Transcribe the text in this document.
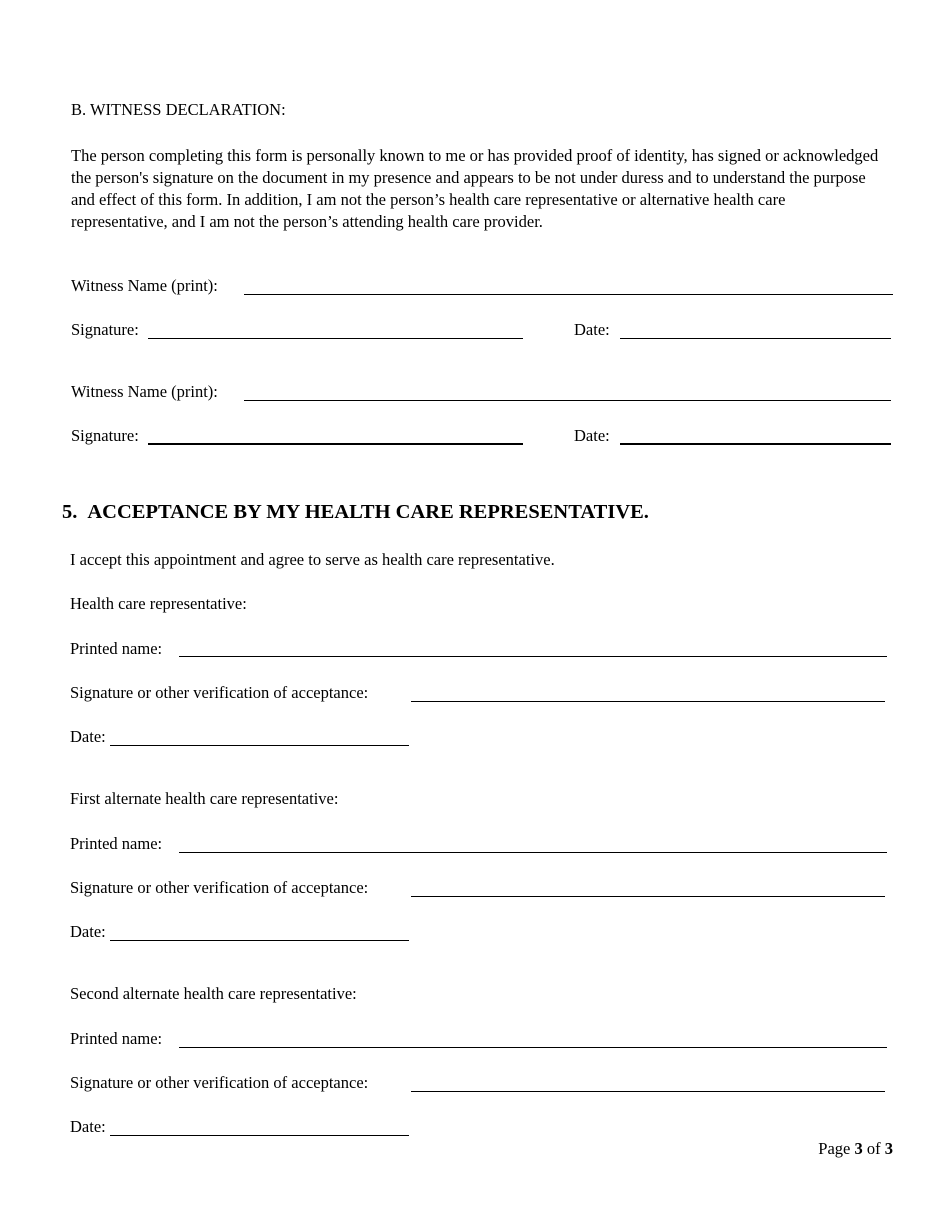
B. WITNESS DECLARATION:
The person completing this form is personally known to me or has provided proof of identity, has signed or acknowledged the person's signature on the document in my presence and appears to be not under duress and to understand the purpose and effect of this form. In addition, I am not the person’s health care representative or alternative health care representative, and I am not the person’s attending health care provider.
Witness Name (print):
Signature:	Date:
Witness Name (print):
Signature:	Date:
5. ACCEPTANCE BY MY HEALTH CARE REPRESENTATIVE.
I accept this appointment and agree to serve as health care representative.
Health care representative:
Printed name:
Signature or other verification of acceptance:
Date:
First alternate health care representative:
Printed name:
Signature or other verification of acceptance:
Date:
Second alternate health care representative:
Printed name:
Signature or other verification of acceptance:
Date:
Page 3 of 3
